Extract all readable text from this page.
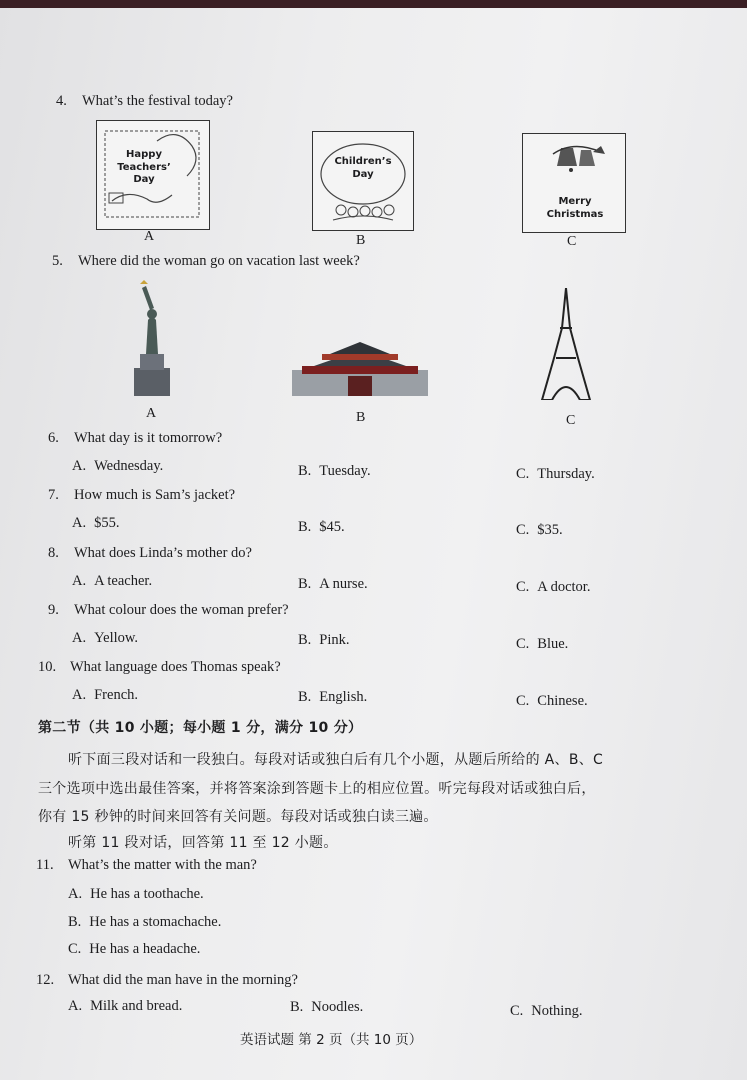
4. What’s the festival today?
Happy Teachers’ Day
A
Children’s Day
B
Merry Christmas
C
5. Where did the woman go on vacation last week?
A	B	C
6. What day is it tomorrow?
A. Wednesday.	B. Tuesday.	C. Thursday.
7. How much is Sam’s jacket?
A. $55.	B. $45.	C. $35.
8. What does Linda’s mother do?
A. A teacher.	B. A nurse.	C. A doctor.
9. What colour does the woman prefer?
A. Yellow.	B. Pink.	C. Blue.
10. What language does Thomas speak?
A. French.	B. English.	C. Chinese.
第二节（共 10 小题；每小题 1 分，满分 10 分）
听下面三段对话和一段独白。每段对话或独白后有几个小题，从题后所给的 A、B、C
三个选项中选出最佳答案，并将答案涂到答题卡上的相应位置。听完每段对话或独白后，
你有 15 秒钟的时间来回答有关问题。每段对话或独白读三遍。
听第 11 段对话，回答第 11 至 12 小题。
11. What’s the matter with the man?
A. He has a toothache.
B. He has a stomachache.
C. He has a headache.
12. What did the man have in the morning?
A. Milk and bread.	B. Noodles.	C. Nothing.
英语试题 第 2 页（共 10 页）
